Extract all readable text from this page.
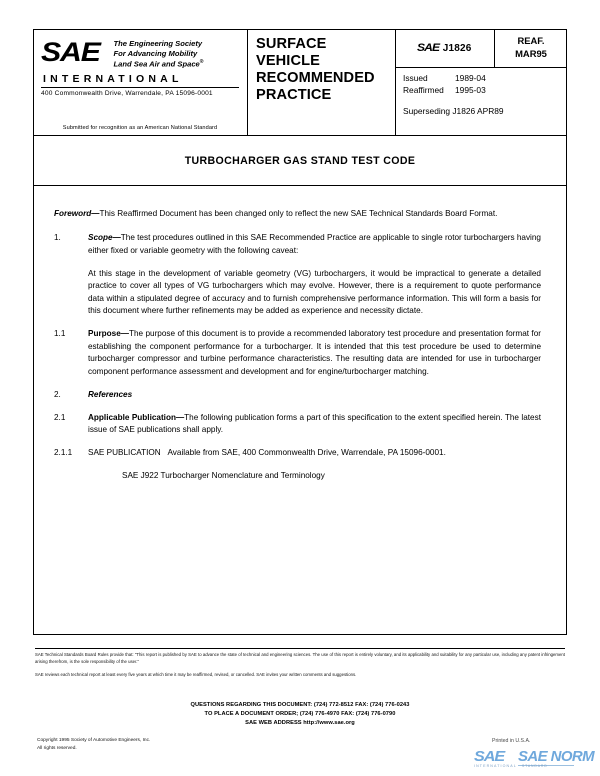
SAE The Engineering Society
For Advancing Mobility
Land Sea Air and Space®
INTERNATIONAL
400 Commonwealth Drive, Warrendale, PA 15096-0001
Submitted for recognition as an American National Standard
SURFACE
VEHICLE
RECOMMENDED
PRACTICE
SAE J1826
REAF.
MAR95
Issued	1989-04
Reaffirmed	1995-03
Superseding J1826 APR89
TURBOCHARGER GAS STAND TEST CODE
Foreword—This Reaffirmed Document has been changed only to reflect the new SAE Technical Standards Board Format.
1.	Scope—The test procedures outlined in this SAE Recommended Practice are applicable to single rotor turbochargers having either fixed or variable geometry with the following caveat:
At this stage in the development of variable geometry (VG) turbochargers, it would be impractical to generate a detailed practice to cover all types of VG turbochargers which may evolve. However, there is a requirement to quote performance data within a stipulated degree of accuracy and to furnish comprehensive performance information. This will form a basis for this document where further refinements may be added as experience and necessity dictate.
1.1	Purpose—The purpose of this document is to provide a recommended laboratory test procedure and presentation format for establishing the component performance for a turbocharger. It is intended that this test procedure be used to determine turbocharger compressor and turbine performance characteristics. The resulting data are intended for use in turbocharger component performance assessment and development and for engine/turbocharger matching.
2.	References
2.1	Applicable Publication—The following publication forms a part of this specification to the extent specified herein. The latest issue of SAE publications shall apply.
2.1.1	SAE PUBLICATION Available from SAE, 400 Commonwealth Drive, Warrendale, PA 15096-0001.
SAE J922 Turbocharger Nomenclature and Terminology

SAE Technical Standards Board Rules provide that: "This report is published by SAE to advance the state of technical and engineering sciences. The use of this report is entirely voluntary, and its applicability and suitability for any particular use, including any patent infringement arising therefrom, is the sole responsibility of the user."

SAE reviews each technical report at least every five years at which time it may be reaffirmed, revised, or cancelled. SAE invites your written comments and suggestions.

QUESTIONS REGARDING THIS DOCUMENT: (724) 772-8512 FAX: (724) 776-0243
TO PLACE A DOCUMENT ORDER; (724) 776-4970 FAX: (724) 776-0790
SAE WEB ADDRESS http://www.sae.org
Copyright 1995 Society of Automotive Engineers, Inc.
All rights reserved.
Printed in U.S.A.
SAE
INTERNATIONAL
SAE NORM
STANDARD
